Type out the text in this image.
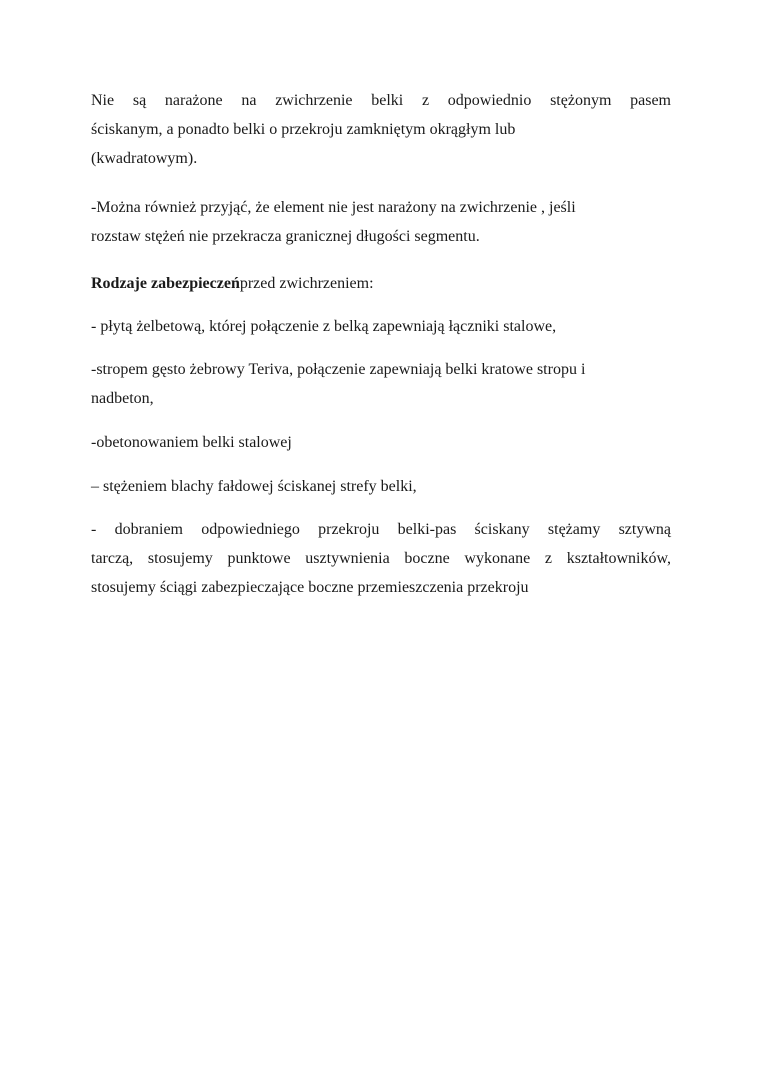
Nie są narażone na zwichrzenie belki z odpowiednio stężonym pasem
ściskanym, a ponadto belki o przekroju zamkniętym okrągłym lub
(kwadratowym).
-Można również przyjąć, że element nie jest narażony na zwichrzenie , jeśli
rozstaw stężeń nie przekracza granicznej długości segmentu.
Rodzaje zabezpieczeńprzed zwichrzeniem:
- płytą żelbetową, której połączenie z belką zapewniają łączniki stalowe,
-stropem gęsto żebrowy Teriva, połączenie zapewniają belki kratowe stropu i
nadbeton,
-obetonowaniem belki stalowej
– stężeniem blachy fałdowej ściskanej strefy belki,
- dobraniem odpowiedniego przekroju belki-pas ściskany stężamy sztywną
tarczą, stosujemy punktowe usztywnienia boczne wykonane z kształtowników,
stosujemy ściągi zabezpieczające boczne przemieszczenia przekroju
